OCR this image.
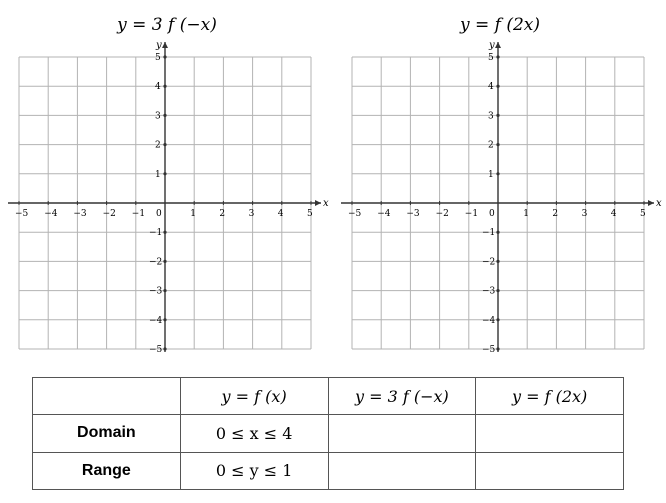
y = 3 f (−x)	y = f (2x)
x
y
−5 −4 −3 −2 −1 0	1	2	3	4	5
1
2
3
4
5
−1
−2
−3
−4
−5
x
y
−5 −4 −3 −2 −1 0	1	2	3	4	5
1
2
3
4
5
−1
−2
−3
−4
−5
	y = f (x)	y = 3 f (−x)	y = f (2x)
Domain	0 ≤ x ≤ 4		
Range	0 ≤ y ≤ 1		
